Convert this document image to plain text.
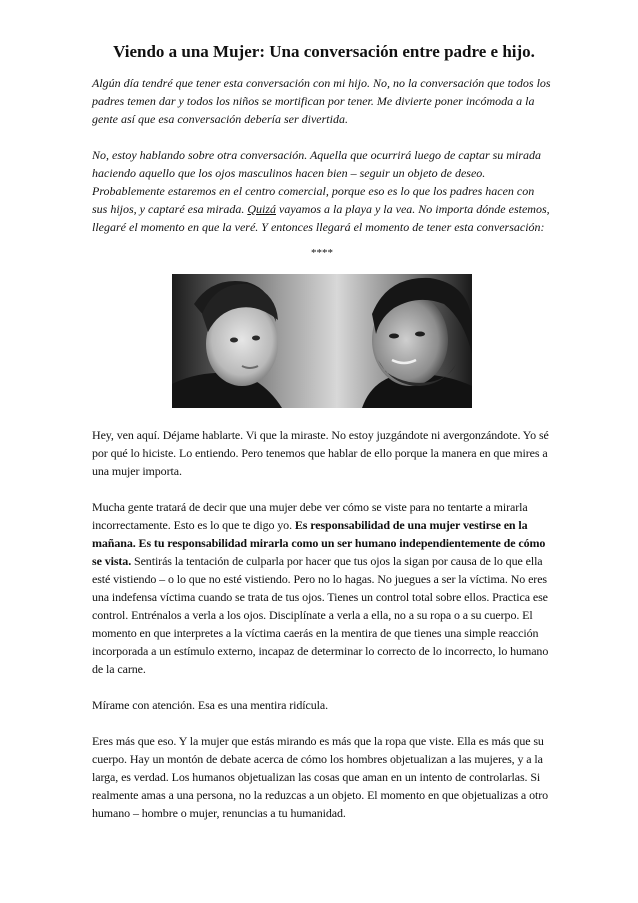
Viendo a una Mujer: Una conversación entre padre e hijo.

Algún día tendré que tener esta conversación con mi hijo. No, no la conversación que todos los padres temen dar y todos los niños se mortifican por tener. Me divierte poner incómoda a la gente así que esa conversación debería ser divertida.

No, estoy hablando sobre otra conversación. Aquella que ocurrirá luego de captar su mirada haciendo aquello que los ojos masculinos hacen bien – seguir un objeto de deseo. Probablemente estaremos en el centro comercial, porque eso es lo que los padres hacen con sus hijos, y captaré esa mirada. Quizá vayamos a la playa y la vea. No importa dónde estemos, llegaré el momento en que la veré. Y entonces llegará el momento de tener esta conversación:

****

Hey, ven aquí. Déjame hablarte. Vi que la miraste. No estoy juzgándote ni avergonzándote. Yo sé por qué lo hiciste. Lo entiendo. Pero tenemos que hablar de ello porque la manera en que mires a una mujer importa.

Mucha gente tratará de decir que una mujer debe ver cómo se viste para no tentarte a mirarla incorrectamente. Esto es lo que te digo yo. Es responsabilidad de una mujer vestirse en la mañana. Es tu responsabilidad mirarla como un ser humano independientemente de cómo se vista. Sentirás la tentación de culparla por hacer que tus ojos la sigan por causa de lo que ella esté vistiendo – o lo que no esté vistiendo. Pero no lo hagas. No juegues a ser la víctima. No eres una indefensa víctima cuando se trata de tus ojos. Tienes un control total sobre ellos. Practica ese control. Entrénalos a verla a los ojos. Disciplínate a verla a ella, no a su ropa o a su cuerpo. El momento en que interpretes a la víctima caerás en la mentira de que tienes una simple reacción incorporada a un estímulo externo, incapaz de determinar lo correcto de lo incorrecto, lo humano de la carne.

Mírame con atención. Esa es una mentira ridícula.

Eres más que eso. Y la mujer que estás mirando es más que la ropa que viste. Ella es más que su cuerpo. Hay un montón de debate acerca de cómo los hombres objetualizan a las mujeres, y a la larga, es verdad. Los humanos objetualizan las cosas que aman en un intento de controlarlas. Si realmente amas a una persona, no la reduzcas a un objeto. El momento en que objetualizas a otro humano – hombre o mujer, renuncias a tu humanidad.
